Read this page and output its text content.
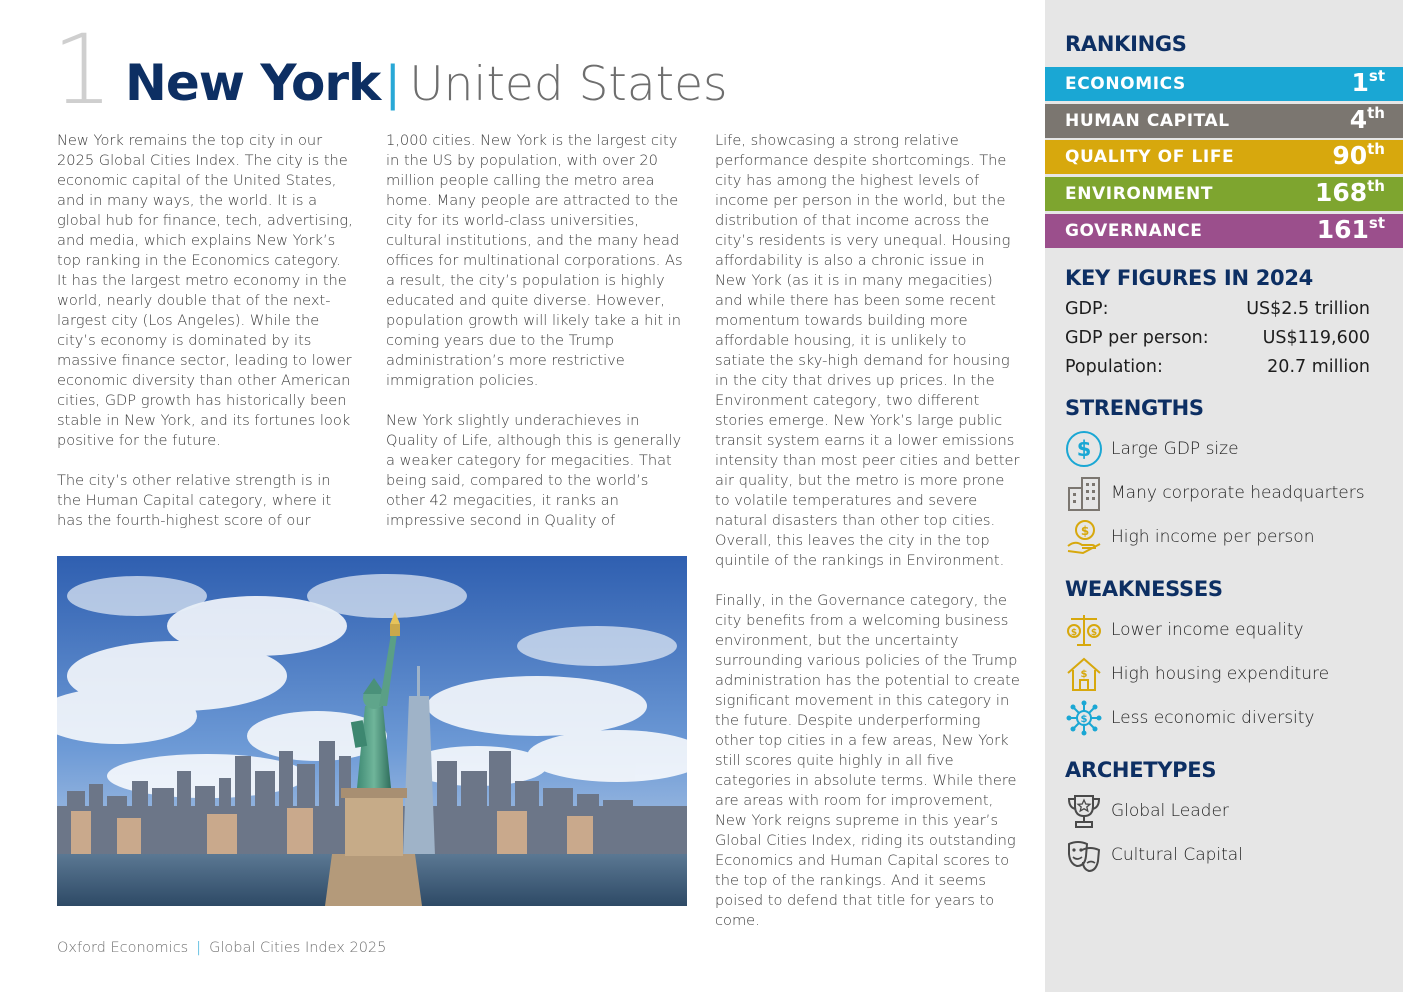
1 New York | United States

New York remains the top city in our 2025 Global Cities Index. The city is the economic capital of the United States, and in many ways, the world. It is a global hub for finance, tech, advertising, and media, which explains New York’s top ranking in the Economics category. It has the largest metro economy in the world, nearly double that of the next-largest city (Los Angeles). While the city’s economy is dominated by its massive finance sector, leading to lower economic diversity than other American cities, GDP growth has historically been stable in New York, and its fortunes look positive for the future.

The city’s other relative strength is in the Human Capital category, where it has the fourth-highest score of our

1,000 cities. New York is the largest city in the US by population, with over 20 million people calling the metro area home. Many people are attracted to the city for its world-class universities, cultural institutions, and the many head offices for multinational corporations. As a result, the city’s population is highly educated and quite diverse. However, population growth will likely take a hit in coming years due to the Trump administration’s more restrictive immigration policies.

New York slightly underachieves in Quality of Life, although this is generally a weaker category for megacities. That being said, compared to the world’s other 42 megacities, it ranks an impressive second in Quality of

Life, showcasing a strong relative performance despite shortcomings. The city has among the highest levels of income per person in the world, but the distribution of that income across the city’s residents is very unequal. Housing affordability is also a chronic issue in New York (as it is in many megacities) and while there has been some recent momentum towards building more affordable housing, it is unlikely to satiate the sky-high demand for housing in the city that drives up prices. In the Environment category, two different stories emerge. New York’s large public transit system earns it a lower emissions intensity than most peer cities and better air quality, but the metro is more prone to volatile temperatures and severe natural disasters than other top cities. Overall, this leaves the city in the top quintile of the rankings in Environment.

Finally, in the Governance category, the city benefits from a welcoming business environment, but the uncertainty surrounding various policies of the Trump administration has the potential to create significant movement in this category in the future. Despite underperforming other top cities in a few areas, New York still scores quite highly in all five categories in absolute terms. While there are areas with room for improvement, New York reigns supreme in this year’s Global Cities Index, riding its outstanding Economics and Human Capital scores to the top of the rankings. And it seems poised to defend that title for years to come.

Oxford Economics | Global Cities Index 2025
RANKINGS
ECONOMICS	1st
HUMAN CAPITAL	4th
QUALITY OF LIFE	90th
ENVIRONMENT	168th
GOVERNANCE	161st
KEY FIGURES IN 2024
GDP:	US$2.5 trillion
GDP per person:	US$119,600
Population:	20.7 million
STRENGTHS
$ Large GDP size
Many corporate headquarters
$ High income per person
WEAKNESSES
$ $ Lower income equality
$ High housing expenditure
$ Less economic diversity
ARCHETYPES
Global Leader
Cultural Capital
